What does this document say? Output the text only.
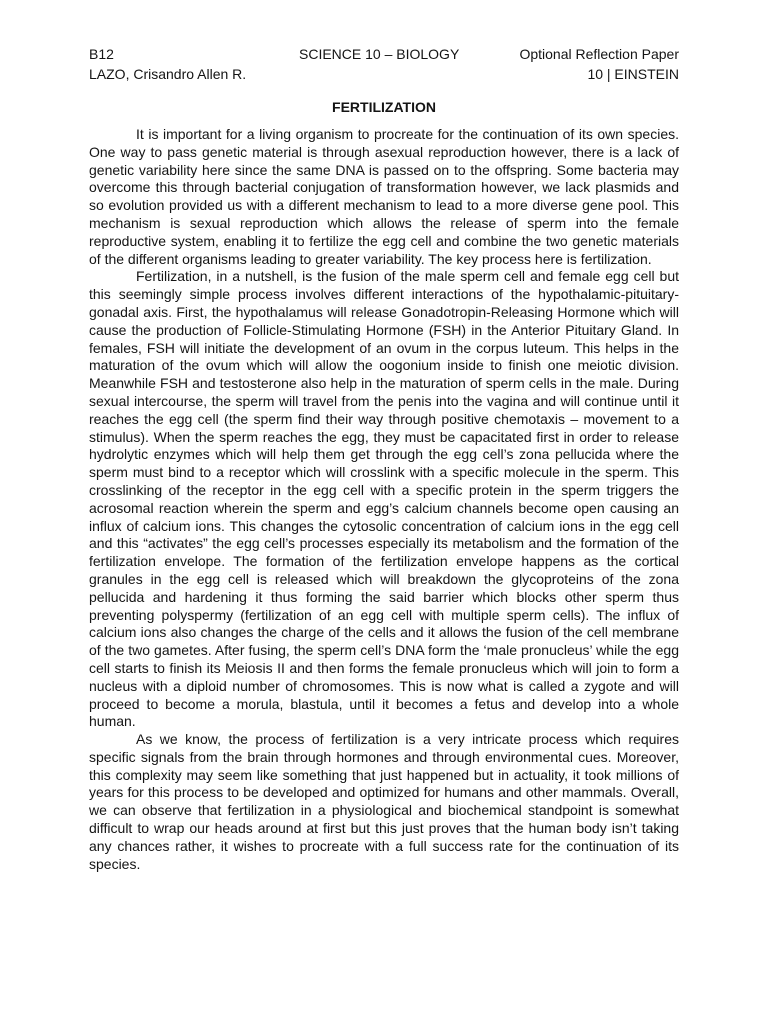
B12	SCIENCE 10 – BIOLOGY	Optional Reflection Paper
LAZO, Crisandro Allen R.	10 | EINSTEIN
FERTILIZATION

It is important for a living organism to procreate for the continuation of its own species. One way to pass genetic material is through asexual reproduction however, there is a lack of genetic variability here since the same DNA is passed on to the offspring. Some bacteria may overcome this through bacterial conjugation of transformation however, we lack plasmids and so evolution provided us with a different mechanism to lead to a more diverse gene pool. This mechanism is sexual reproduction which allows the release of sperm into the female reproductive system, enabling it to fertilize the egg cell and combine the two genetic materials of the different organisms leading to greater variability. The key process here is fertilization.

Fertilization, in a nutshell, is the fusion of the male sperm cell and female egg cell but this seemingly simple process involves different interactions of the hypothalamic-pituitary-gonadal axis. First, the hypothalamus will release Gonadotropin-Releasing Hormone which will cause the production of Follicle-Stimulating Hormone (FSH) in the Anterior Pituitary Gland. In females, FSH will initiate the development of an ovum in the corpus luteum. This helps in the maturation of the ovum which will allow the oogonium inside to finish one meiotic division. Meanwhile FSH and testosterone also help in the maturation of sperm cells in the male. During sexual intercourse, the sperm will travel from the penis into the vagina and will continue until it reaches the egg cell (the sperm find their way through positive chemotaxis – movement to a stimulus). When the sperm reaches the egg, they must be capacitated first in order to release hydrolytic enzymes which will help them get through the egg cell’s zona pellucida where the sperm must bind to a receptor which will crosslink with a specific molecule in the sperm. This crosslinking of the receptor in the egg cell with a specific protein in the sperm triggers the acrosomal reaction wherein the sperm and egg’s calcium channels become open causing an influx of calcium ions. This changes the cytosolic concentration of calcium ions in the egg cell and this “activates” the egg cell’s processes especially its metabolism and the formation of the fertilization envelope. The formation of the fertilization envelope happens as the cortical granules in the egg cell is released which will breakdown the glycoproteins of the zona pellucida and hardening it thus forming the said barrier which blocks other sperm thus preventing polyspermy (fertilization of an egg cell with multiple sperm cells). The influx of calcium ions also changes the charge of the cells and it allows the fusion of the cell membrane of the two gametes. After fusing, the sperm cell’s DNA form the ‘male pronucleus’ while the egg cell starts to finish its Meiosis II and then forms the female pronucleus which will join to form a nucleus with a diploid number of chromosomes. This is now what is called a zygote and will proceed to become a morula, blastula, until it becomes a fetus and develop into a whole human.

As we know, the process of fertilization is a very intricate process which requires specific signals from the brain through hormones and through environmental cues. Moreover, this complexity may seem like something that just happened but in actuality, it took millions of years for this process to be developed and optimized for humans and other mammals. Overall, we can observe that fertilization in a physiological and biochemical standpoint is somewhat difficult to wrap our heads around at first but this just proves that the human body isn’t taking any chances rather, it wishes to procreate with a full success rate for the continuation of its species.
